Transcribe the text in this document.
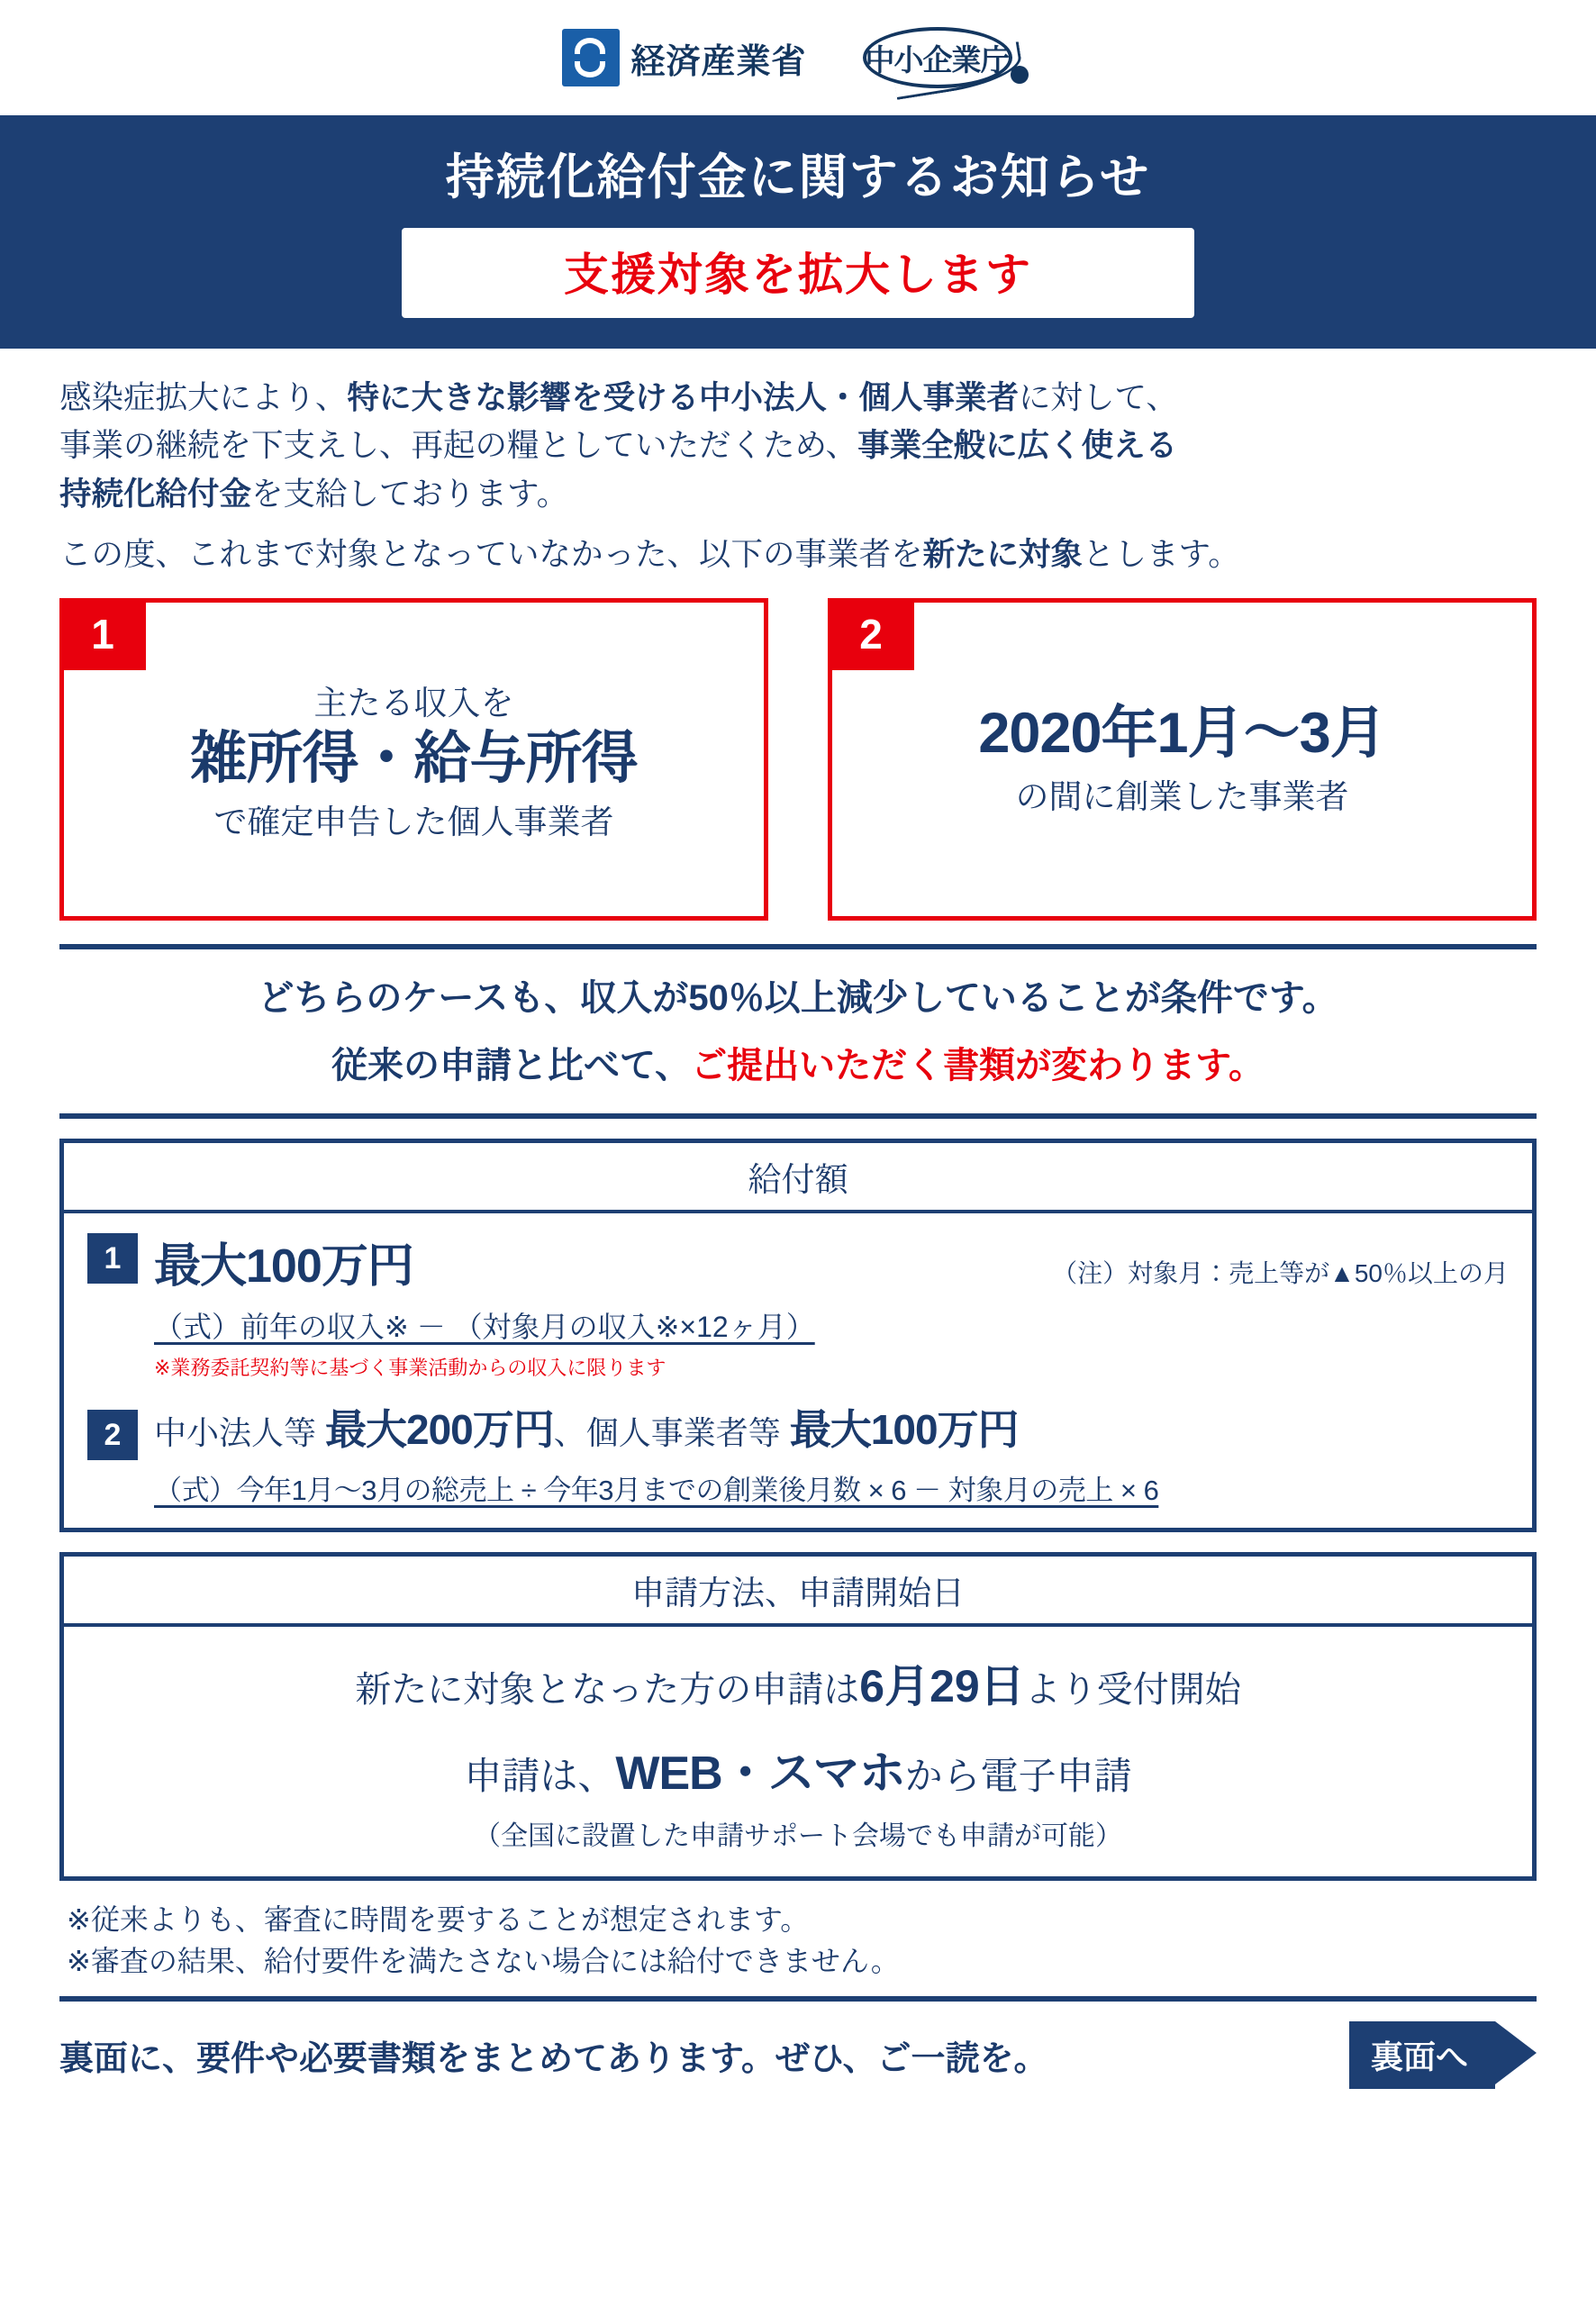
経済産業省 中小企業庁
持続化給付金に関するお知らせ
支援対象を拡大します
感染症拡大により、特に大きな影響を受ける中小法人・個人事業者に対して、
事業の継続を下支えし、再起の糧としていただくため、事業全般に広く使える
持続化給付金を支給しております。
この度、これまで対象となっていなかった、以下の事業者を新たに対象とします。
1
主たる収入を
雑所得・給与所得
で確定申告した個人事業者
2
2020年1月〜3月
の間に創業した事業者
どちらのケースも、収入が50％以上減少していることが条件です。
従来の申請と比べて、ご提出いただく書類が変わります。
給付額
1 最大100万円	（注）対象月：売上等が▲50％以上の月
（式）前年の収入※ － （対象月の収入※×12ヶ月）
※業務委託契約等に基づく事業活動からの収入に限ります
2	中小法人等 最大200万円、個人事業者等 最大100万円
（式）今年1月〜3月の総売上 ÷ 今年3月までの創業後月数 × 6 － 対象月の売上 × 6
申請方法、申請開始日
新たに対象となった方の申請は6月29日より受付開始
申請は、WEB・スマホから電子申請
（全国に設置した申請サポート会場でも申請が可能）
※従来よりも、審査に時間を要することが想定されます。
※審査の結果、給付要件を満たさない場合には給付できません。
裏面に、要件や必要書類をまとめてあります。ぜひ、ご一読を。	裏面へ
